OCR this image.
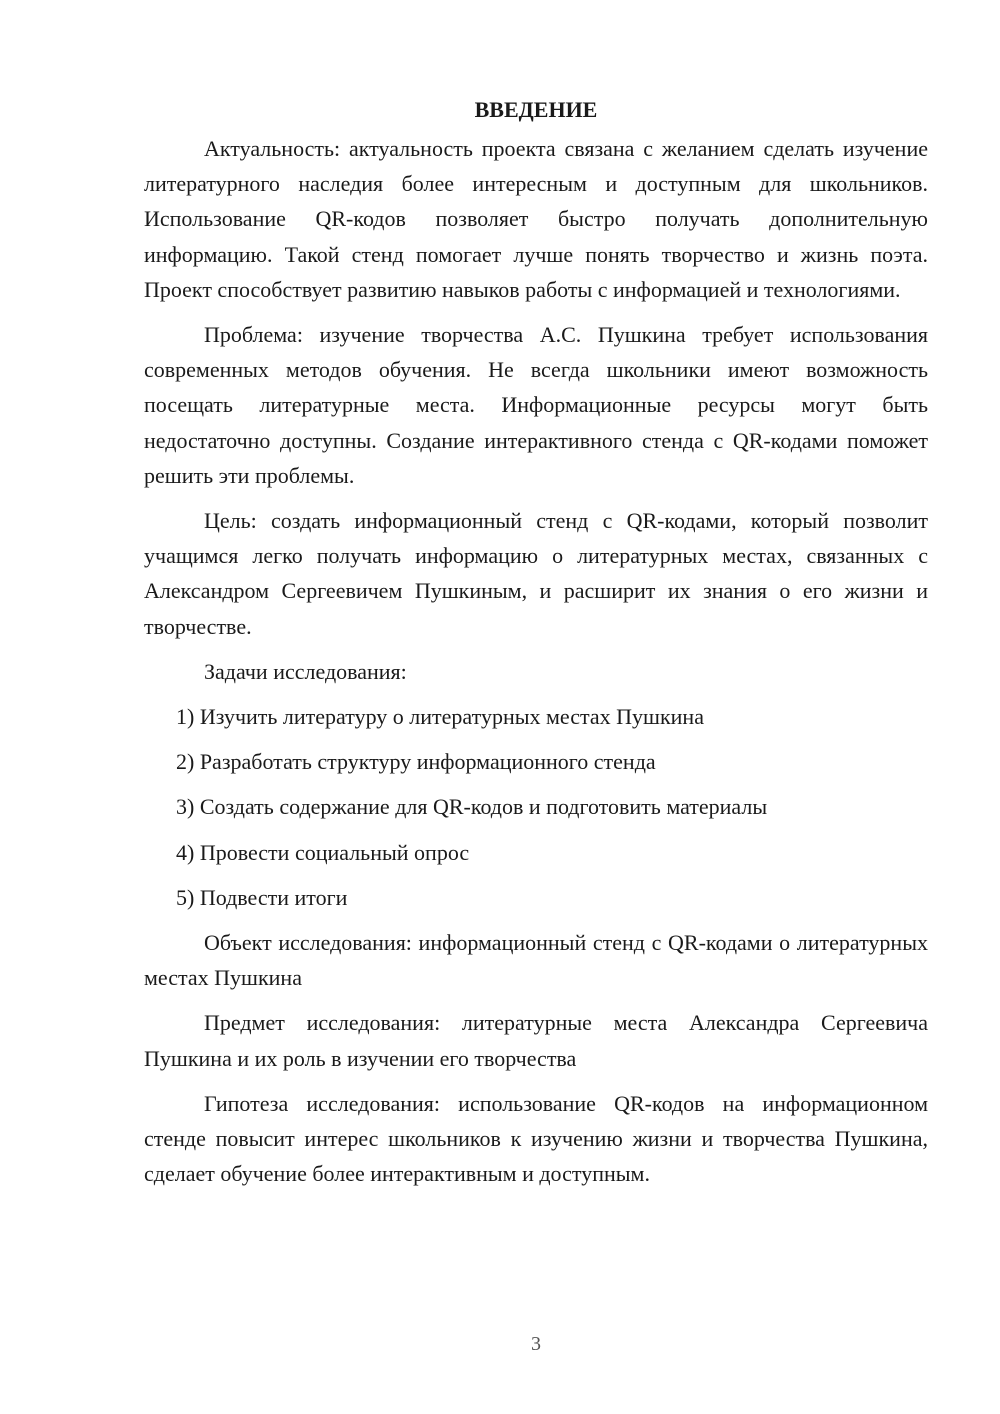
ВВЕДЕНИЕ

Актуальность: актуальность проекта связана с желанием сделать изучение литературного наследия более интересным и доступным для школьников. Использование QR-кодов позволяет быстро получать дополнительную информацию. Такой стенд помогает лучше понять творчество и жизнь поэта. Проект способствует развитию навыков работы с информацией и технологиями.

Проблема: изучение творчества А.С. Пушкина требует использования современных методов обучения. Не всегда школьники имеют возможность посещать литературные места. Информационные ресурсы могут быть недостаточно доступны. Создание интерактивного стенда с QR-кодами поможет решить эти проблемы.

Цель: создать информационный стенд с QR-кодами, который позволит учащимся легко получать информацию о литературных местах, связанных с Александром Сергеевичем Пушкиным, и расширит их знания о его жизни и творчестве.

Задачи исследования:

1) Изучить литературу о литературных местах Пушкина
2) Разработать структуру информационного стенда
3) Создать содержание для QR-кодов и подготовить материалы
4) Провести социальный опрос
5) Подвести итоги

Объект исследования: информационный стенд с QR-кодами о литературных местах Пушкина

Предмет исследования: литературные места Александра Сергеевича Пушкина и их роль в изучении его творчества

Гипотеза исследования: использование QR-кодов на информационном стенде повысит интерес школьников к изучению жизни и творчества Пушкина, сделает обучение более интерактивным и доступным.

3
